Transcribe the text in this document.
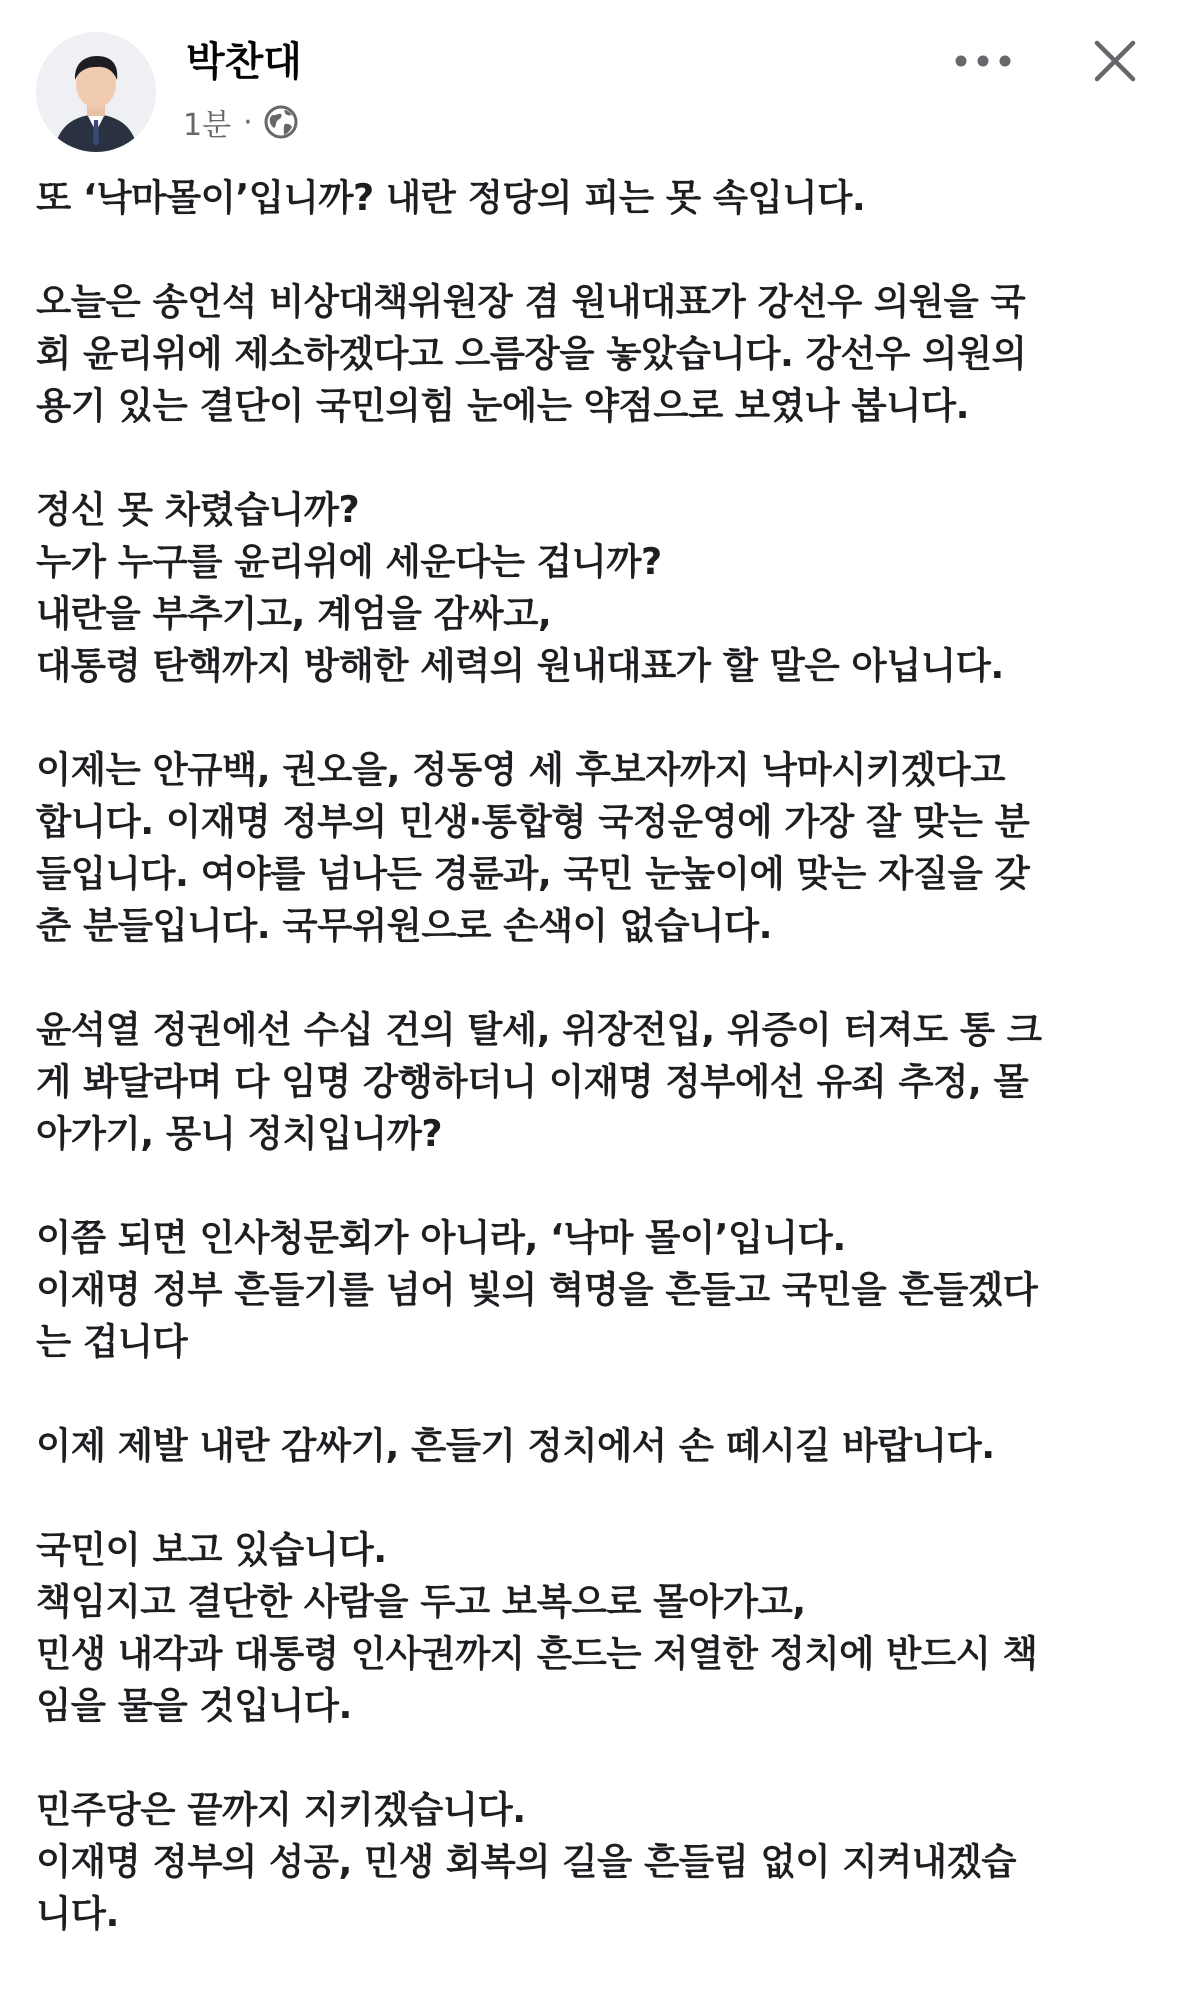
박찬대
1분 ·
또 ‘낙마몰이’입니까? 내란 정당의 피는 못 속입니다.
오늘은 송언석 비상대책위원장 겸 원내대표가 강선우 의원을 국
회 윤리위에 제소하겠다고 으름장을 놓았습니다. 강선우 의원의
용기 있는 결단이 국민의힘 눈에는 약점으로 보였나 봅니다.
정신 못 차렸습니까?
누가 누구를 윤리위에 세운다는 겁니까?
내란을 부추기고, 계엄을 감싸고,
대통령 탄핵까지 방해한 세력의 원내대표가 할 말은 아닙니다.
이제는 안규백, 권오을, 정동영 세 후보자까지 낙마시키겠다고
합니다. 이재명 정부의 민생·통합형 국정운영에 가장 잘 맞는 분
들입니다. 여야를 넘나든 경륜과, 국민 눈높이에 맞는 자질을 갖
춘 분들입니다. 국무위원으로 손색이 없습니다.
윤석열 정권에선 수십 건의 탈세, 위장전입, 위증이 터져도 통 크
게 봐달라며 다 임명 강행하더니 이재명 정부에선 유죄 추정, 몰
아가기, 몽니 정치입니까?
이쯤 되면 인사청문회가 아니라, ‘낙마 몰이’입니다.
이재명 정부 흔들기를 넘어 빛의 혁명을 흔들고 국민을 흔들겠다
는 겁니다
이제 제발 내란 감싸기, 흔들기 정치에서 손 떼시길 바랍니다.
국민이 보고 있습니다.
책임지고 결단한 사람을 두고 보복으로 몰아가고,
민생 내각과 대통령 인사권까지 흔드는 저열한 정치에 반드시 책
임을 물을 것입니다.
민주당은 끝까지 지키겠습니다.
이재명 정부의 성공, 민생 회복의 길을 흔들림 없이 지켜내겠습
니다.
